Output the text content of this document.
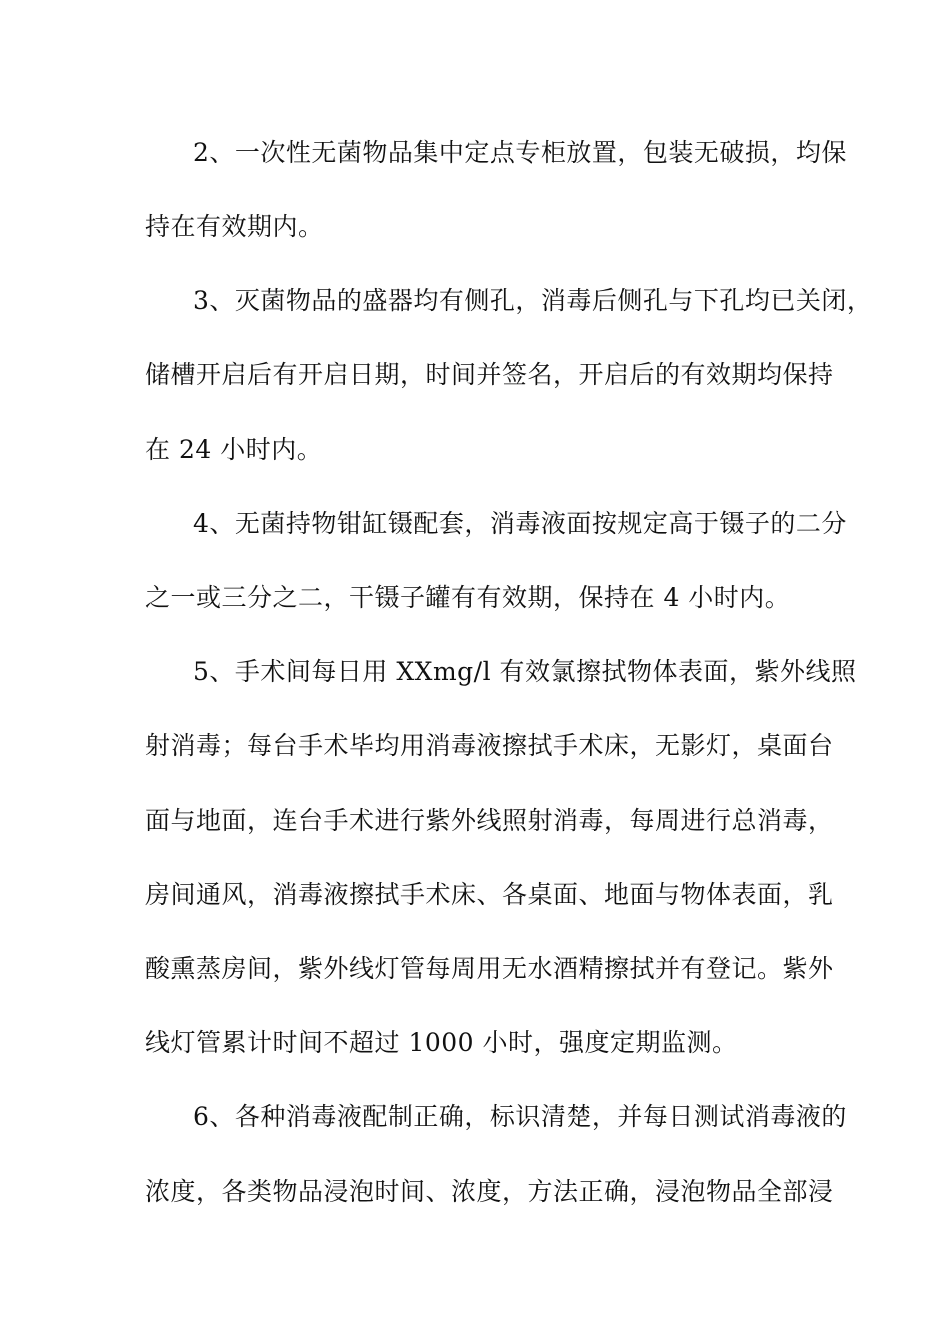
2、一次性无菌物品集中定点专柜放置，包装无破损，均保
持在有效期内。
3、灭菌物品的盛器均有侧孔，消毒后侧孔与下孔均已关闭，
储槽开启后有开启日期，时间并签名，开启后的有效期均保持
在 24 小时内。
4、无菌持物钳缸镊配套，消毒液面按规定高于镊子的二分
之一或三分之二，干镊子罐有有效期，保持在 4 小时内。
5、手术间每日用 XXmg/l 有效氯擦拭物体表面，紫外线照
射消毒；每台手术毕均用消毒液擦拭手术床，无影灯，桌面台
面与地面，连台手术进行紫外线照射消毒，每周进行总消毒，
房间通风，消毒液擦拭手术床、各桌面、地面与物体表面，乳
酸熏蒸房间，紫外线灯管每周用无水酒精擦拭并有登记。紫外
线灯管累计时间不超过 1000 小时，强度定期监测。
6、各种消毒液配制正确，标识清楚，并每日测试消毒液的
浓度，各类物品浸泡时间、浓度，方法正确，浸泡物品全部浸
